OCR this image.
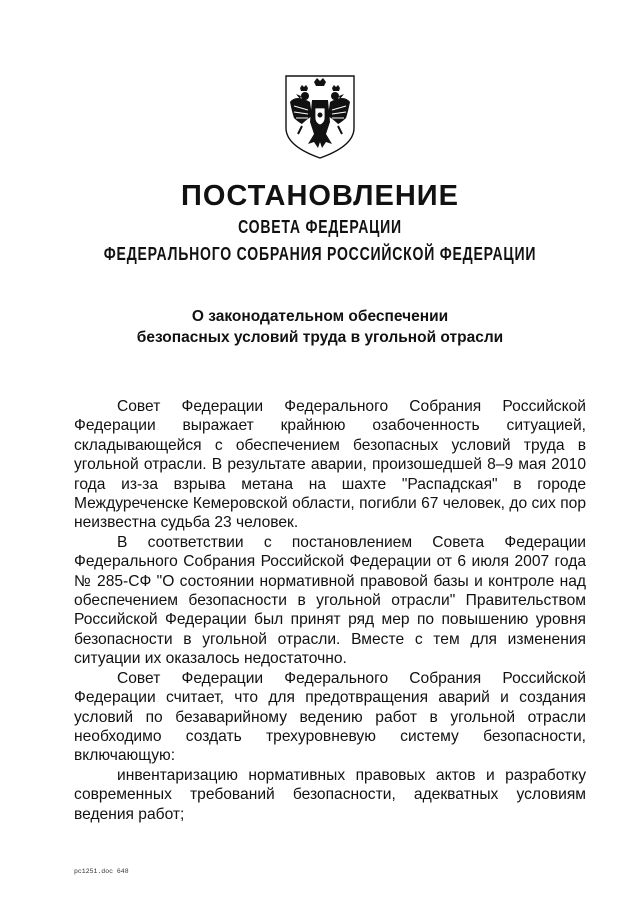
ПОСТАНОВЛЕНИЕ
СОВЕТА ФЕДЕРАЦИИ
ФЕДЕРАЛЬНОГО СОБРАНИЯ РОССИЙСКОЙ ФЕДЕРАЦИИ
О законодательном обеспечении
безопасных условий труда в угольной отрасли

Совет Федерации Федерального Собрания Российской Федерации выражает крайнюю озабоченность ситуацией, складывающейся с обеспечением безопасных условий труда в угольной отрасли. В результате аварии, произошедшей 8–9 мая 2010 года из-за взрыва метана на шахте "Распадская" в городе Междуреченске Кемеровской области, погибли 67 человек, до сих пор неизвестна судьба 23 человек.

В соответствии с постановлением Совета Федерации Федерального Собрания Российской Федерации от 6 июля 2007 года № 285-СФ "О состоянии нормативной правовой базы и контроле над обеспечением безопасности в угольной отрасли" Правительством Российской Федерации был принят ряд мер по повышению уровня безопасности в угольной отрасли. Вместе с тем для изменения ситуации их оказалось недостаточно.

Совет Федерации Федерального Собрания Российской Федерации считает, что для предотвращения аварий и создания условий по безаварийному ведению работ в угольной отрасли необходимо создать трехуровневую систему безопасности, включающую:

инвентаризацию нормативных правовых актов и разработку современных требований безопасности, адекватных условиям ведения работ;

рс1251.doc 648
